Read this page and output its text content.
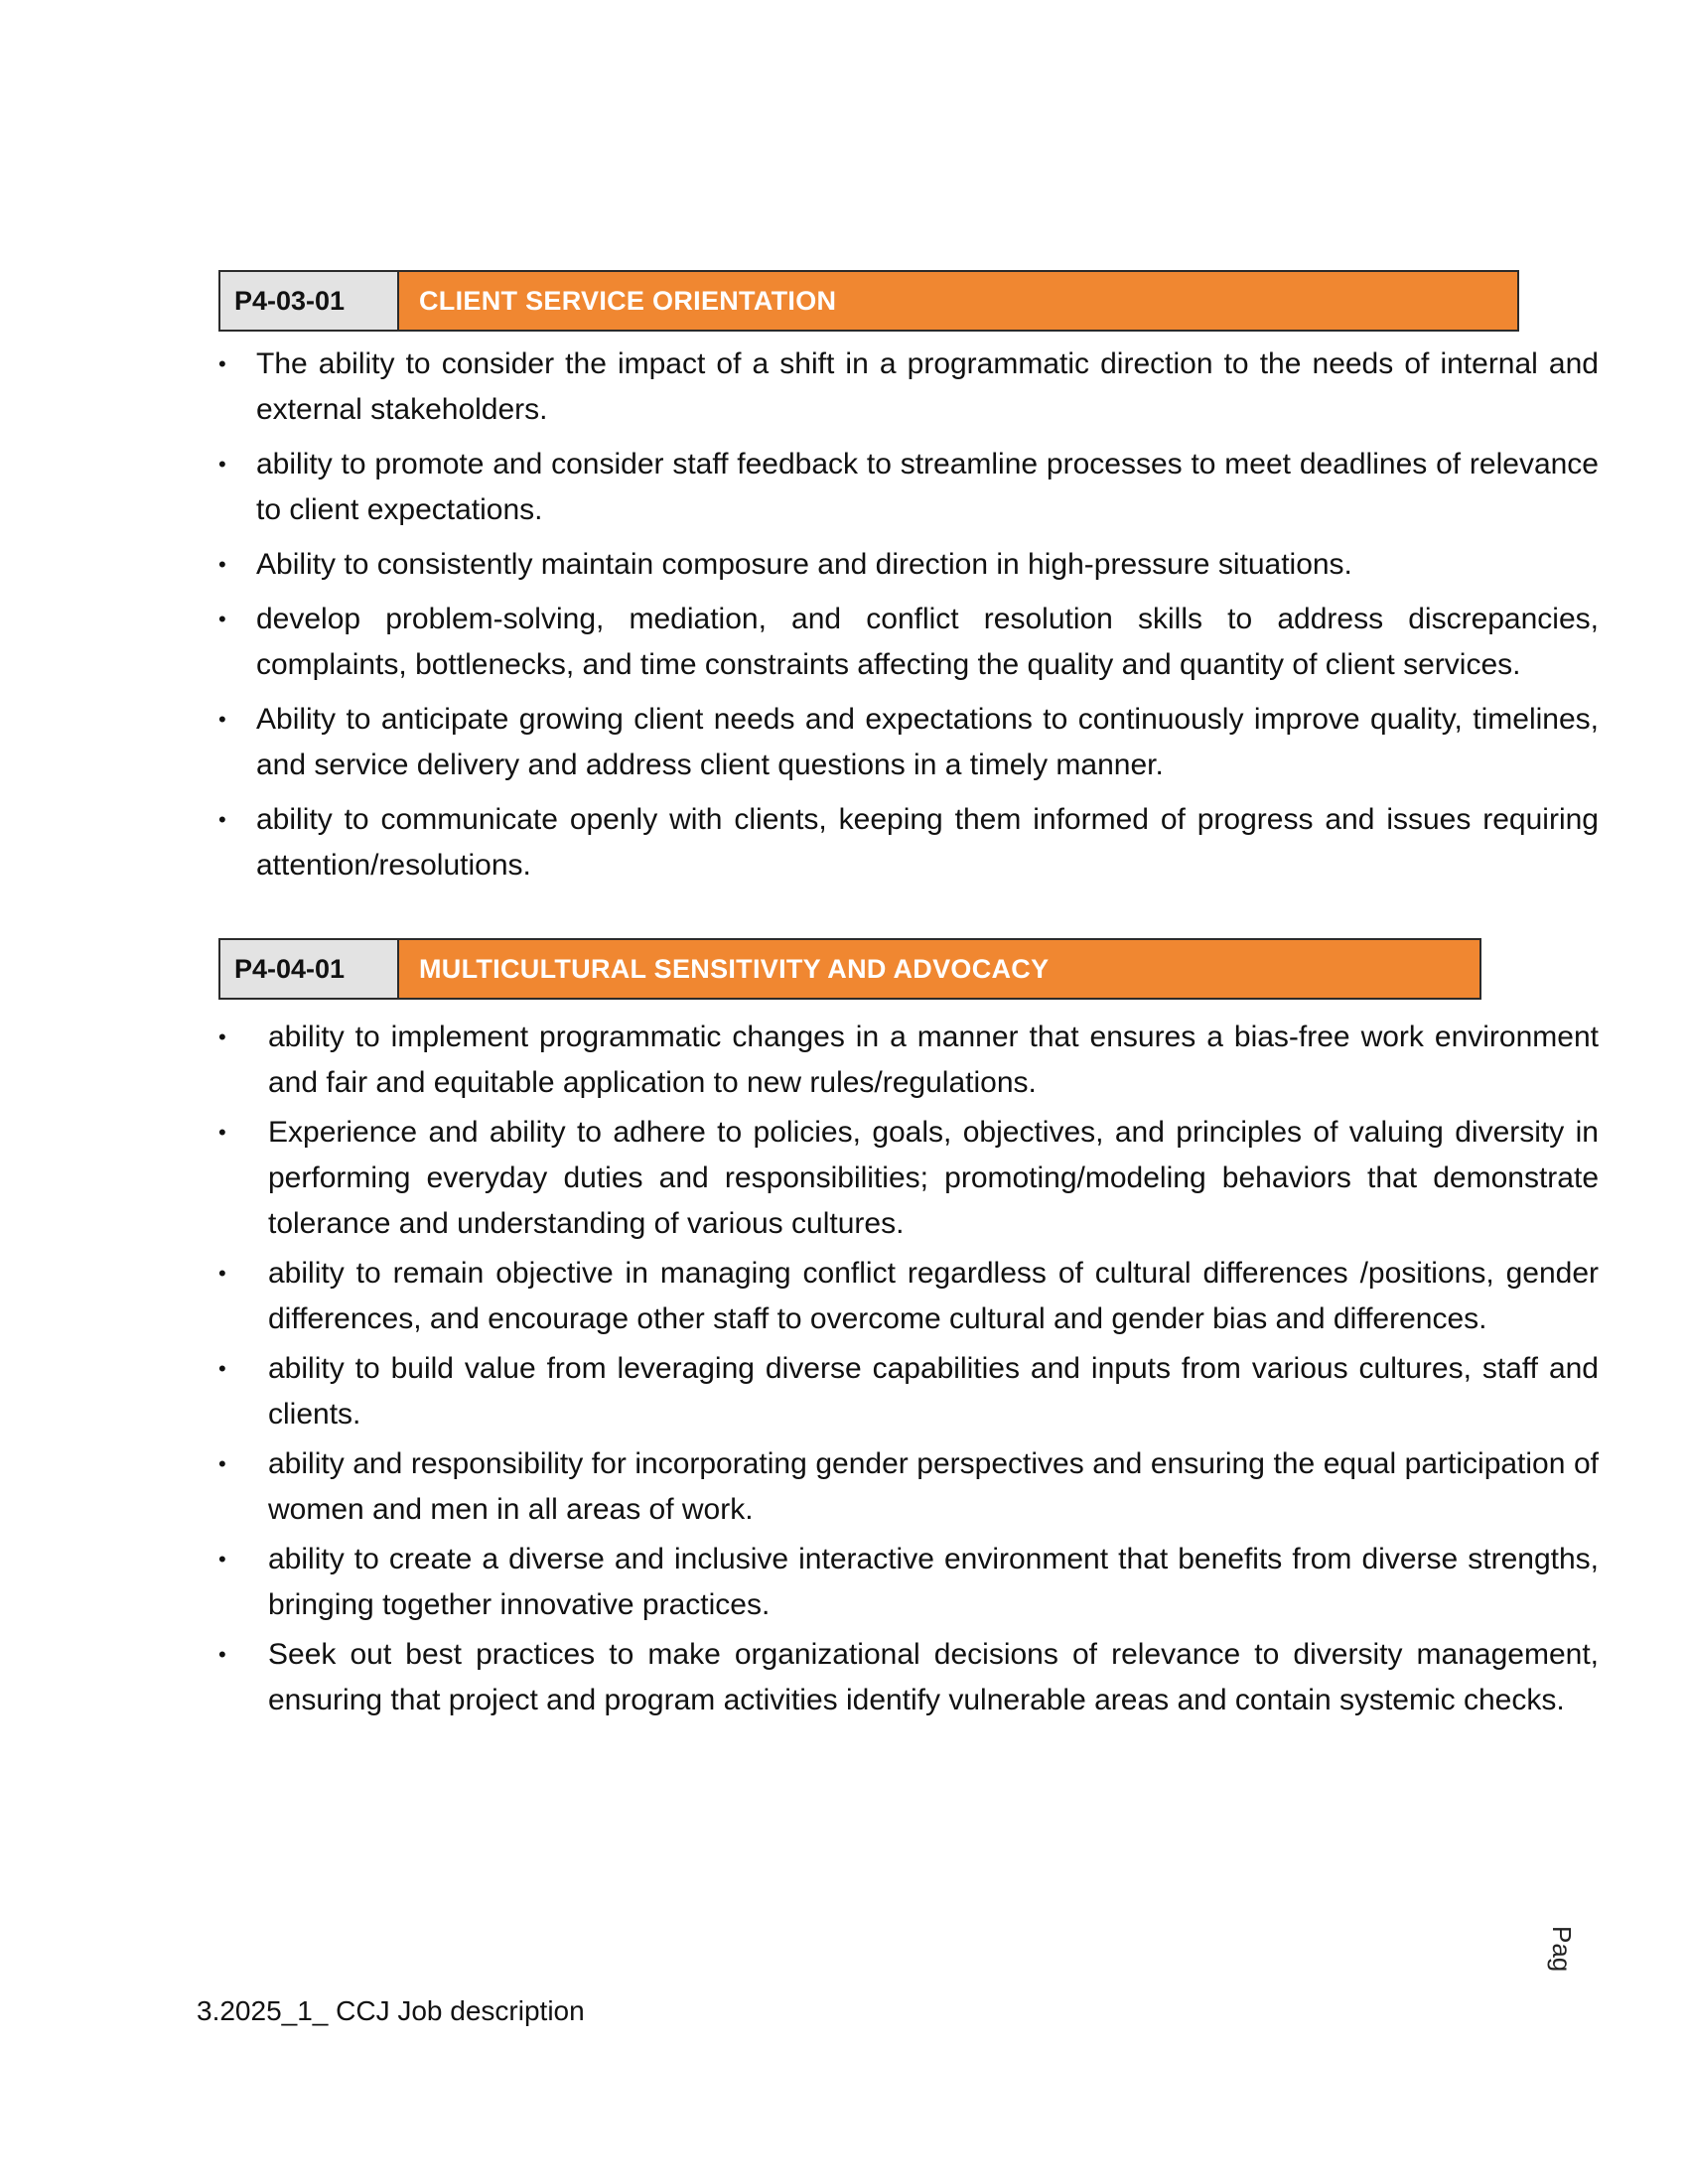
P4-03-01	CLIENT SERVICE ORIENTATION
•	The ability to consider the impact of a shift in a programmatic direction to the needs of internal and external stakeholders.
•	ability to promote and consider staff feedback to streamline processes to meet deadlines of relevance to client expectations.
•	Ability to consistently maintain composure and direction in high-pressure situations.
•	develop problem-solving, mediation, and conflict resolution skills to address discrepancies, complaints, bottlenecks, and time constraints affecting the quality and quantity of client services.
•	Ability to anticipate growing client needs and expectations to continuously improve quality, timelines, and service delivery and address client questions in a timely manner.
•	ability to communicate openly with clients, keeping them informed of progress and issues requiring attention/resolutions.
P4-04-01	MULTICULTURAL SENSITIVITY AND ADVOCACY
•	ability to implement programmatic changes in a manner that ensures a bias-free work environment and fair and equitable application to new rules/regulations.
•	Experience and ability to adhere to policies, goals, objectives, and principles of valuing diversity in performing everyday duties and responsibilities; promoting/modeling behaviors that demonstrate tolerance and understanding of various cultures.
•	ability to remain objective in managing conflict regardless of cultural differences /positions, gender differences, and encourage other staff to overcome cultural and gender bias and differences.
•	ability to build value from leveraging diverse capabilities and inputs from various cultures, staff and clients.
•	ability and responsibility for incorporating gender perspectives and ensuring the equal participation of women and men in all areas of work.
•	ability to create a diverse and inclusive interactive environment that benefits from diverse strengths, bringing together innovative practices.
•	Seek out best practices to make organizational decisions of relevance to diversity management, ensuring that project and program activities identify vulnerable areas and contain systemic checks.
Pag
3.2025_1_ CCJ Job description
